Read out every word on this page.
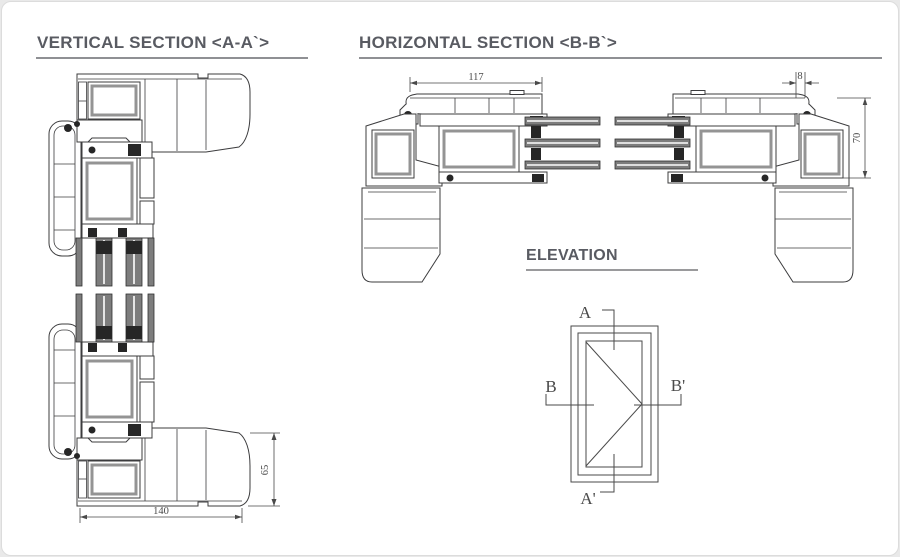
VERTICAL SECTION <A-A`>	HORIZONTAL SECTION <B-B`>
ELEVATION
65
140
117	8
70
A
A'
B	B'
